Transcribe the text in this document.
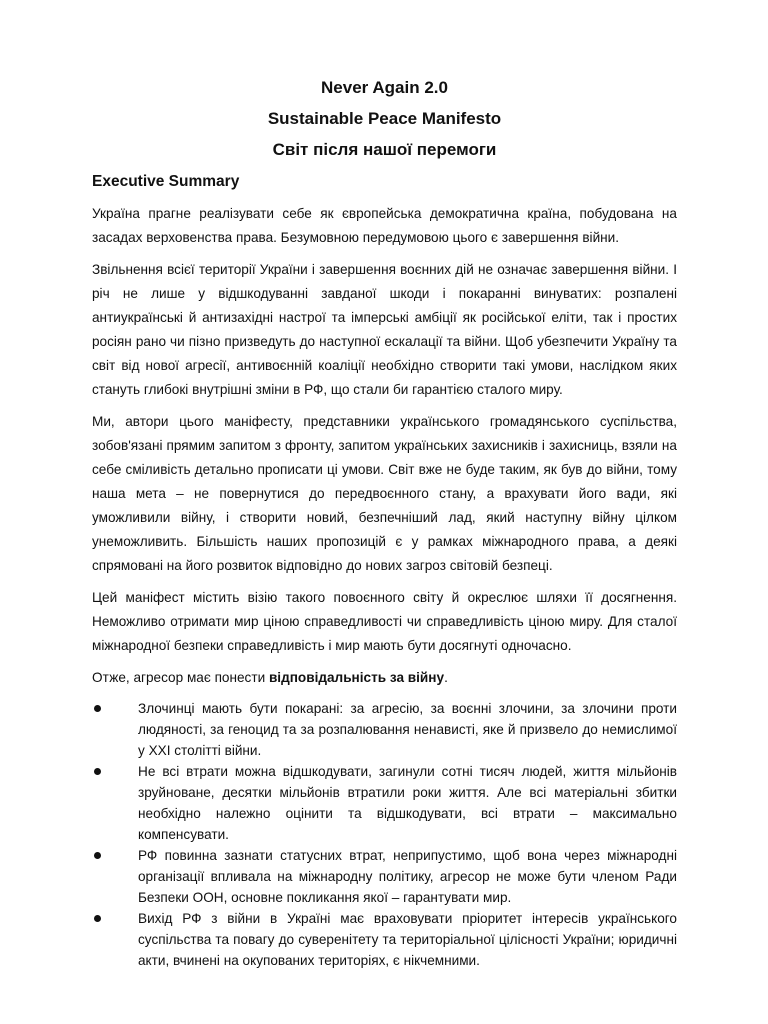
Never Again 2.0
Sustainable Peace Manifesto
Світ після нашої перемоги
Executive Summary

Україна прагне реалізувати себе як європейська демократична країна, побудована на засадах верховенства права. Безумовною передумовою цього є завершення війни.

Звільнення всієї території України і завершення воєнних дій не означає завершення війни. І річ не лише у відшкодуванні завданої шкоди і покаранні винуватих: розпалені антиукраїнські й антизахідні настрої та імперські амбіції як російської еліти, так і простих росіян рано чи пізно призведуть до наступної ескалації та війни. Щоб убезпечити Україну та світ від нової агресії, антивоєнній коаліції необхідно створити такі умови, наслідком яких стануть глибокі внутрішні зміни в РФ, що стали би гарантією сталого миру.

Ми, автори цього маніфесту, представники українського громадянського суспільства, зобов'язані прямим запитом з фронту, запитом українських захисників і захисниць, взяли на себе сміливість детально прописати ці умови. Світ вже не буде таким, як був до війни, тому наша мета – не повернутися до передвоєнного стану, а врахувати його вади, які уможливили війну, і створити новий, безпечніший лад, який наступну війну цілком унеможливить. Більшість наших пропозицій є у рамках міжнародного права, а деякі спрямовані на його розвиток відповідно до нових загроз світовій безпеці.

Цей маніфест містить візію такого повоєнного світу й окреслює шляхи її досягнення. Неможливо отримати мир ціною справедливості чи справедливість ціною миру. Для сталої міжнародної безпеки справедливість і мир мають бути досягнуті одночасно.

Отже, агресор має понести відповідальність за війну.

Злочинці мають бути покарані: за агресію, за воєнні злочини, за злочини проти людяності, за геноцид та за розпалювання ненависті, яке й призвело до немислимої у XXI столітті війни.
Не всі втрати можна відшкодувати, загинули сотні тисяч людей, життя мільйонів зруйноване, десятки мільйонів втратили роки життя. Але всі матеріальні збитки необхідно належно оцінити та відшкодувати, всі втрати – максимально компенсувати.
РФ повинна зазнати статусних втрат, неприпустимо, щоб вона через міжнародні організації впливала на міжнародну політику, агресор не може бути членом Ради Безпеки ООН, основне покликання якої – гарантувати мир.
Вихід РФ з війни в Україні має враховувати пріоритет інтересів українського суспільства та повагу до суверенітету та територіальної цілісності України; юридичні акти, вчинені на окупованих територіях, є нікчемними.
